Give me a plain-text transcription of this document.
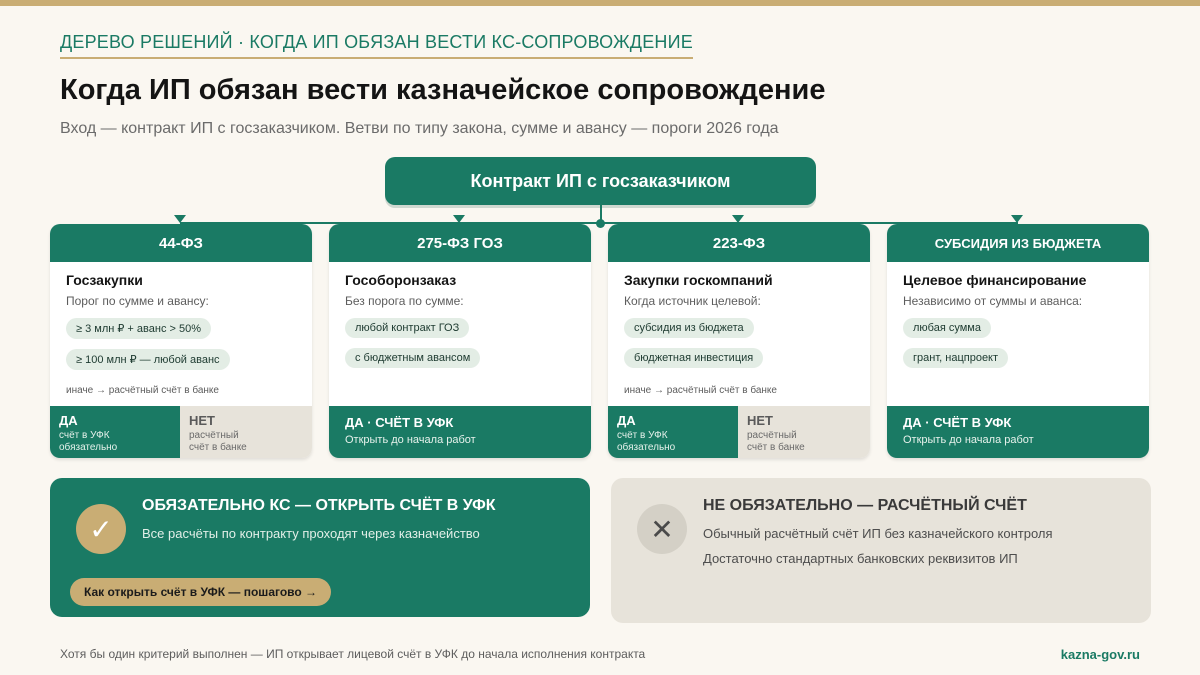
ДЕРЕВО РЕШЕНИЙ · КОГДА ИП ОБЯЗАН ВЕСТИ КС-СОПРОВОЖДЕНИЕ
Когда ИП обязан вести казначейское сопровождение
Вход — контракт ИП с госзаказчиком. Ветви по типу закона, сумме и авансу — пороги 2026 года
Контракт ИП с госзаказчиком
44-ФЗ
Госзакупки
Порог по сумме и авансу:
≥ 3 млн ₽ + аванс > 50%
≥ 100 млн ₽ — любой аванс
иначе → расчётный счёт в банке
ДА
счёт в УФК
обязательно
НЕТ
расчётный
счёт в банке
275-ФЗ ГОЗ
Гособоронзаказ
Без порога по сумме:
любой контракт ГОЗ
с бюджетным авансом
ДА · СЧЁТ В УФК
Открыть до начала работ
223-ФЗ
Закупки госкомпаний
Когда источник целевой:
субсидия из бюджета
бюджетная инвестиция
иначе → расчётный счёт в банке
ДА
счёт в УФК
обязательно
НЕТ
расчётный
счёт в банке
СУБСИДИЯ ИЗ БЮДЖЕТА
Целевое финансирование
Независимо от суммы и аванса:
любая сумма
грант, нацпроект
ДА · СЧЁТ В УФК
Открыть до начала работ
✓
ОБЯЗАТЕЛЬНО КС — ОТКРЫТЬ СЧЁТ В УФК
Все расчёты по контракту проходят через казначейство
Как открыть счёт в УФК — пошагово →
✕
НЕ ОБЯЗАТЕЛЬНО — РАСЧЁТНЫЙ СЧЁТ
Обычный расчётный счёт ИП без казначейского контроля
Достаточно стандартных банковских реквизитов ИП
Хотя бы один критерий выполнен — ИП открывает лицевой счёт в УФК до начала исполнения контракта	kazna-gov.ru
